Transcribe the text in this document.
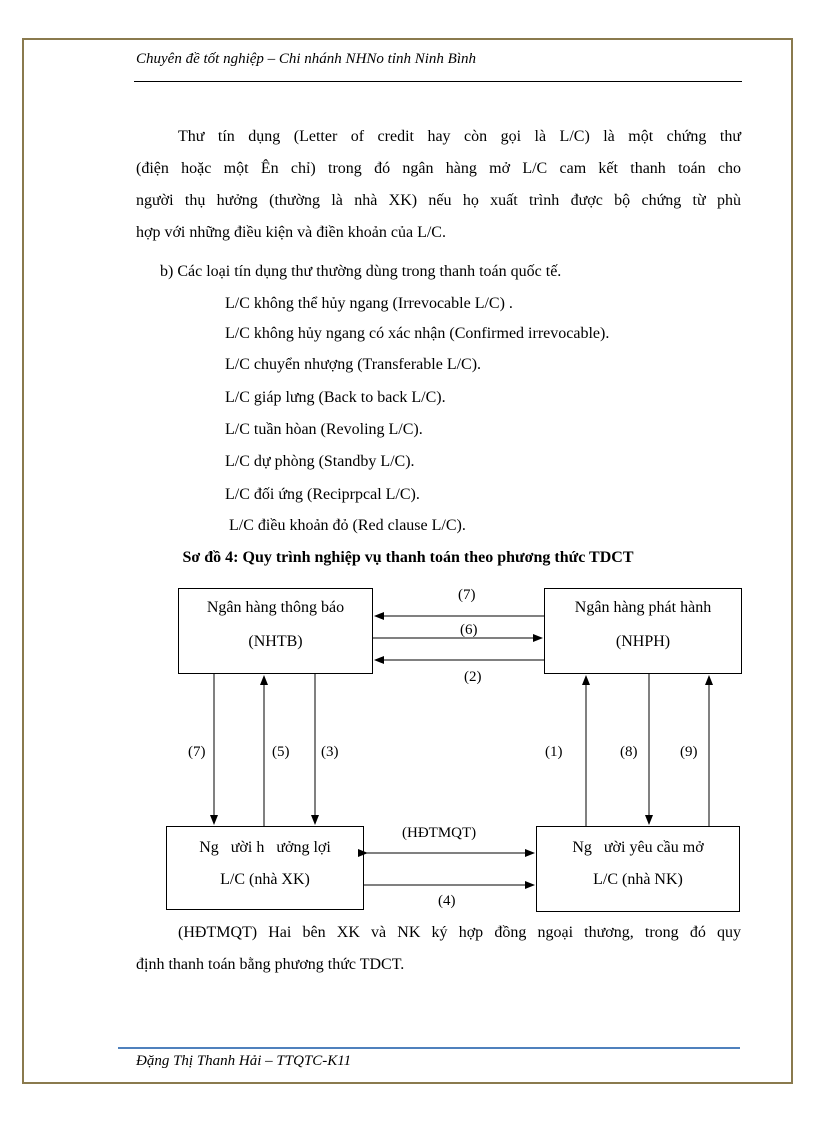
Chuyên đề tốt nghiệp – Chi nhánh NHNo tỉnh Ninh Bình
Thư tín dụng (Letter of credit hay còn gọi là L/C) là một chứng thư
(điện hoặc một Ên chỉ) trong đó ngân hàng mở L/C cam kết thanh toán cho
người thụ hưởng (thường là nhà XK) nếu họ xuất trình được bộ chứng từ phù
hợp với những điều kiện và điền khoản của L/C.
b) Các loại tín dụng thư thường dùng trong thanh toán quốc tế.
L/C không thể hủy ngang (Irrevocable L/C) .
L/C không hủy ngang có xác nhận (Confirmed irrevocable).
L/C chuyển nhượng (Transferable L/C).
L/C giáp lưng (Back to back L/C).
L/C tuần hòan (Revoling L/C).
L/C dự phòng (Standby L/C).
L/C đối ứng (Reciprpcal L/C).
L/C điều khoản đỏ (Red clause L/C).
Sơ đồ 4: Quy trình nghiệp vụ thanh toán theo phương thức TDCT
Ngân hàng thông báo
(NHTB)
Ngân hàng phát hành
(NHPH)
Ng   ười h   ưởng lợi
L/C (nhà XK)
Ng   ười yêu cầu mở
L/C (nhà NK)
(7)
(6)
(2)
(7)	(5) (3)	(1)	(8)	(9)
(HĐTMQT)
(4)
(HĐTMQT) Hai bên XK và NK ký hợp đồng ngoại thương, trong đó quy
định thanh toán bằng phương thức TDCT.
Đặng Thị Thanh Hải – TTQTC-K11
